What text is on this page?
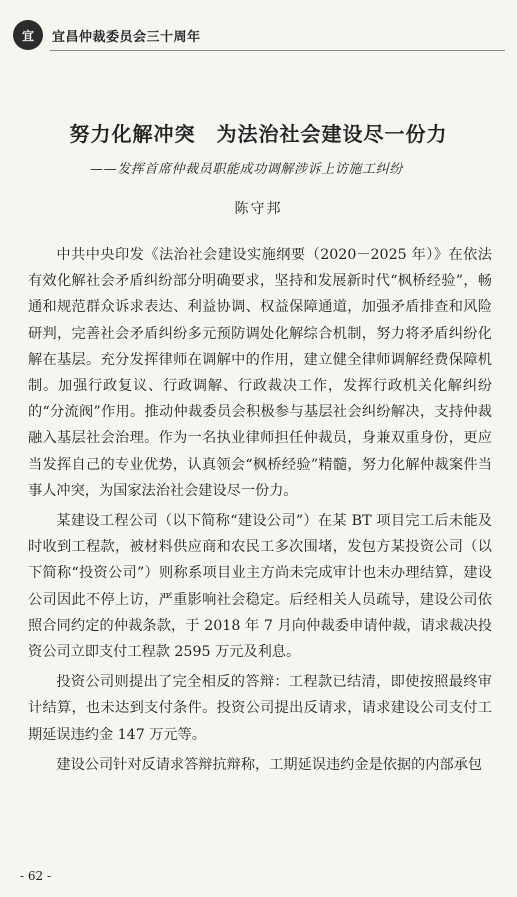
宜	宜昌仲裁委员会三十周年
努力化解冲突　为法治社会建设尽一份力
——发挥首席仲裁员职能成功调解涉诉上访施工纠纷
陈守邦

中共中央印发《法治社会建设实施纲要（2020－2025 年）》在依法有效化解社会矛盾纠纷部分明确要求，坚持和发展新时代“枫桥经验”，畅通和规范群众诉求表达、利益协调、权益保障通道，加强矛盾排查和风险研判，完善社会矛盾纠纷多元预防调处化解综合机制，努力将矛盾纠纷化解在基层。充分发挥律师在调解中的作用，建立健全律师调解经费保障机制。加强行政复议、行政调解、行政裁决工作，发挥行政机关化解纠纷的“分流阀”作用。推动仲裁委员会积极参与基层社会纠纷解决，支持仲裁融入基层社会治理。作为一名执业律师担任仲裁员，身兼双重身份，更应当发挥自己的专业优势，认真领会“枫桥经验”精髓，努力化解仲裁案件当事人冲突，为国家法治社会建设尽一份力。

某建设工程公司（以下简称“建设公司”）在某 BT 项目完工后未能及时收到工程款，被材料供应商和农民工多次围堵，发包方某投资公司（以下简称“投资公司”）则称系项目业主方尚未完成审计也未办理结算，建设公司因此不停上访，严重影响社会稳定。后经相关人员疏导，建设公司依照合同约定的仲裁条款，于 2018 年 7 月向仲裁委申请仲裁，请求裁决投资公司立即支付工程款 2595 万元及利息。

投资公司则提出了完全相反的答辩：工程款已结清，即使按照最终审计结算，也未达到支付条件。投资公司提出反请求，请求建设公司支付工期延误违约金 147 万元等。

建设公司针对反请求答辩抗辩称，工期延误违约金是依据的内部承包

- 62 -
